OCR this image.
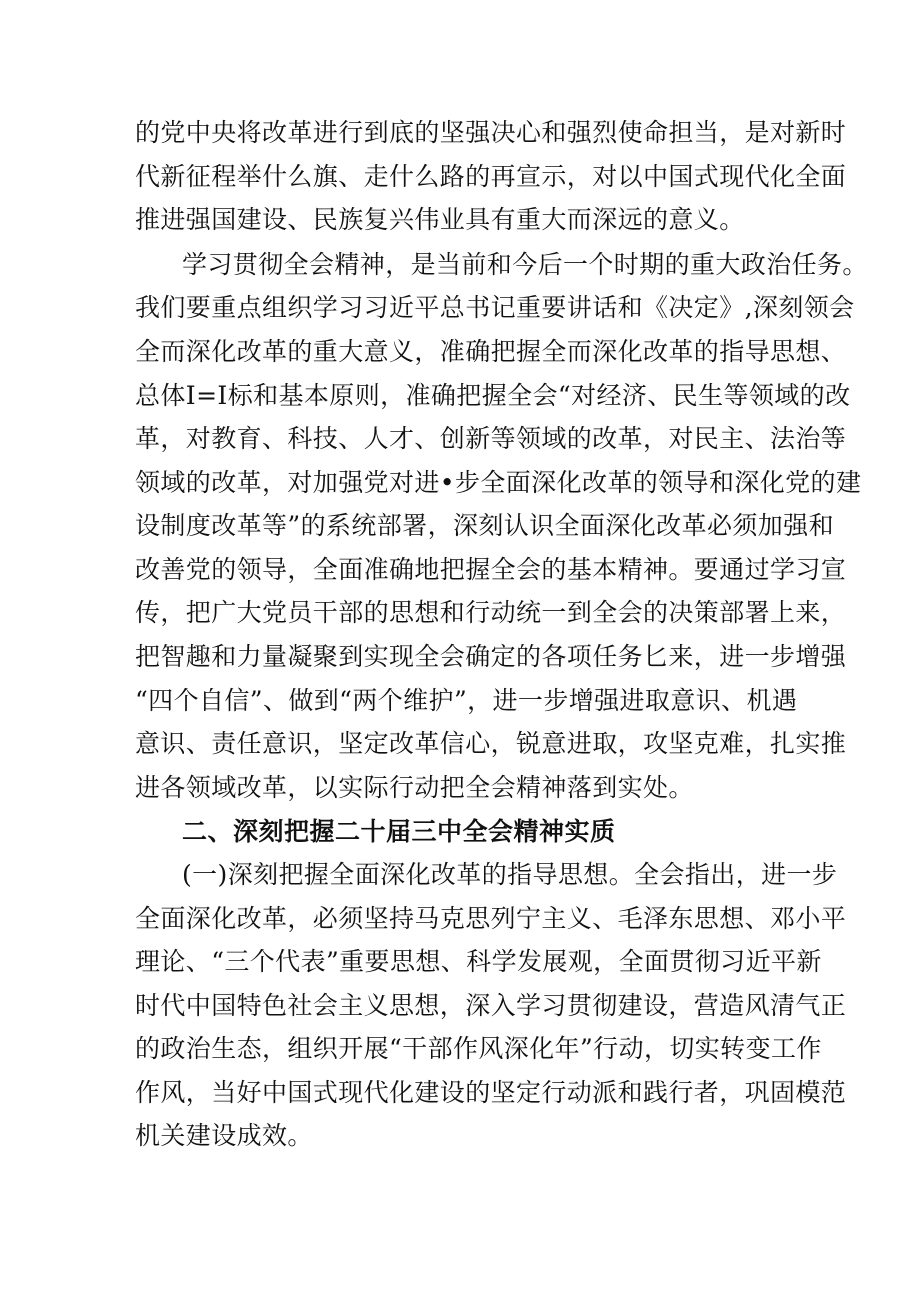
的党中央将改革进行到底的坚强决心和强烈使命担当，是对新时
代新征程举什么旗、走什么路的再宣示，对以中国式现代化全面
推进强国建设、民族复兴伟业具有重大而深远的意义。
学习贯彻全会精神，是当前和今后一个时期的重大政治任务。
我们要重点组织学习习近平总书记重要讲话和《决定》,深刻领会
全而深化改革的重大意义，准确把握全而深化改革的指导思想、
总体I=I标和基本原则，准确把握全会“对经济、民生等领域的改
革，对教育、科技、人才、创新等领域的改革，对民主、法治等
领域的改革，对加强党对进•步全面深化改革的领导和深化党的建
设制度改革等”的系统部署，深刻认识全面深化改革必须加强和
改善党的领导，全面准确地把握全会的基本精神。要通过学习宣
传，把广大党员干部的思想和行动统一到全会的决策部署上来，
把智趣和力量凝聚到实现全会确定的各项任务匕来，进一步增强
“四个自信”、做到“两个维护”，进一步增强进取意识、机遇
意识、责任意识，坚定改革信心，锐意进取，攻坚克难，扎实推
进各领域改革，以实际行动把全会精神落到实处。
二、深刻把握二十届三中全会精神实质
(一)深刻把握全面深化改革的指导思想。全会指出，进一步
全面深化改革，必须坚持马克思列宁主义、毛泽东思想、邓小平
理论、“三个代表”重要思想、科学发展观，全面贯彻习近平新
时代中国特色社会主义思想，深入学习贯彻建设，营造风清气正
的政治生态，组织开展“干部作风深化年”行动，切实转变工作
作风，当好中国式现代化建设的坚定行动派和践行者，巩固模范
机关建设成效。
